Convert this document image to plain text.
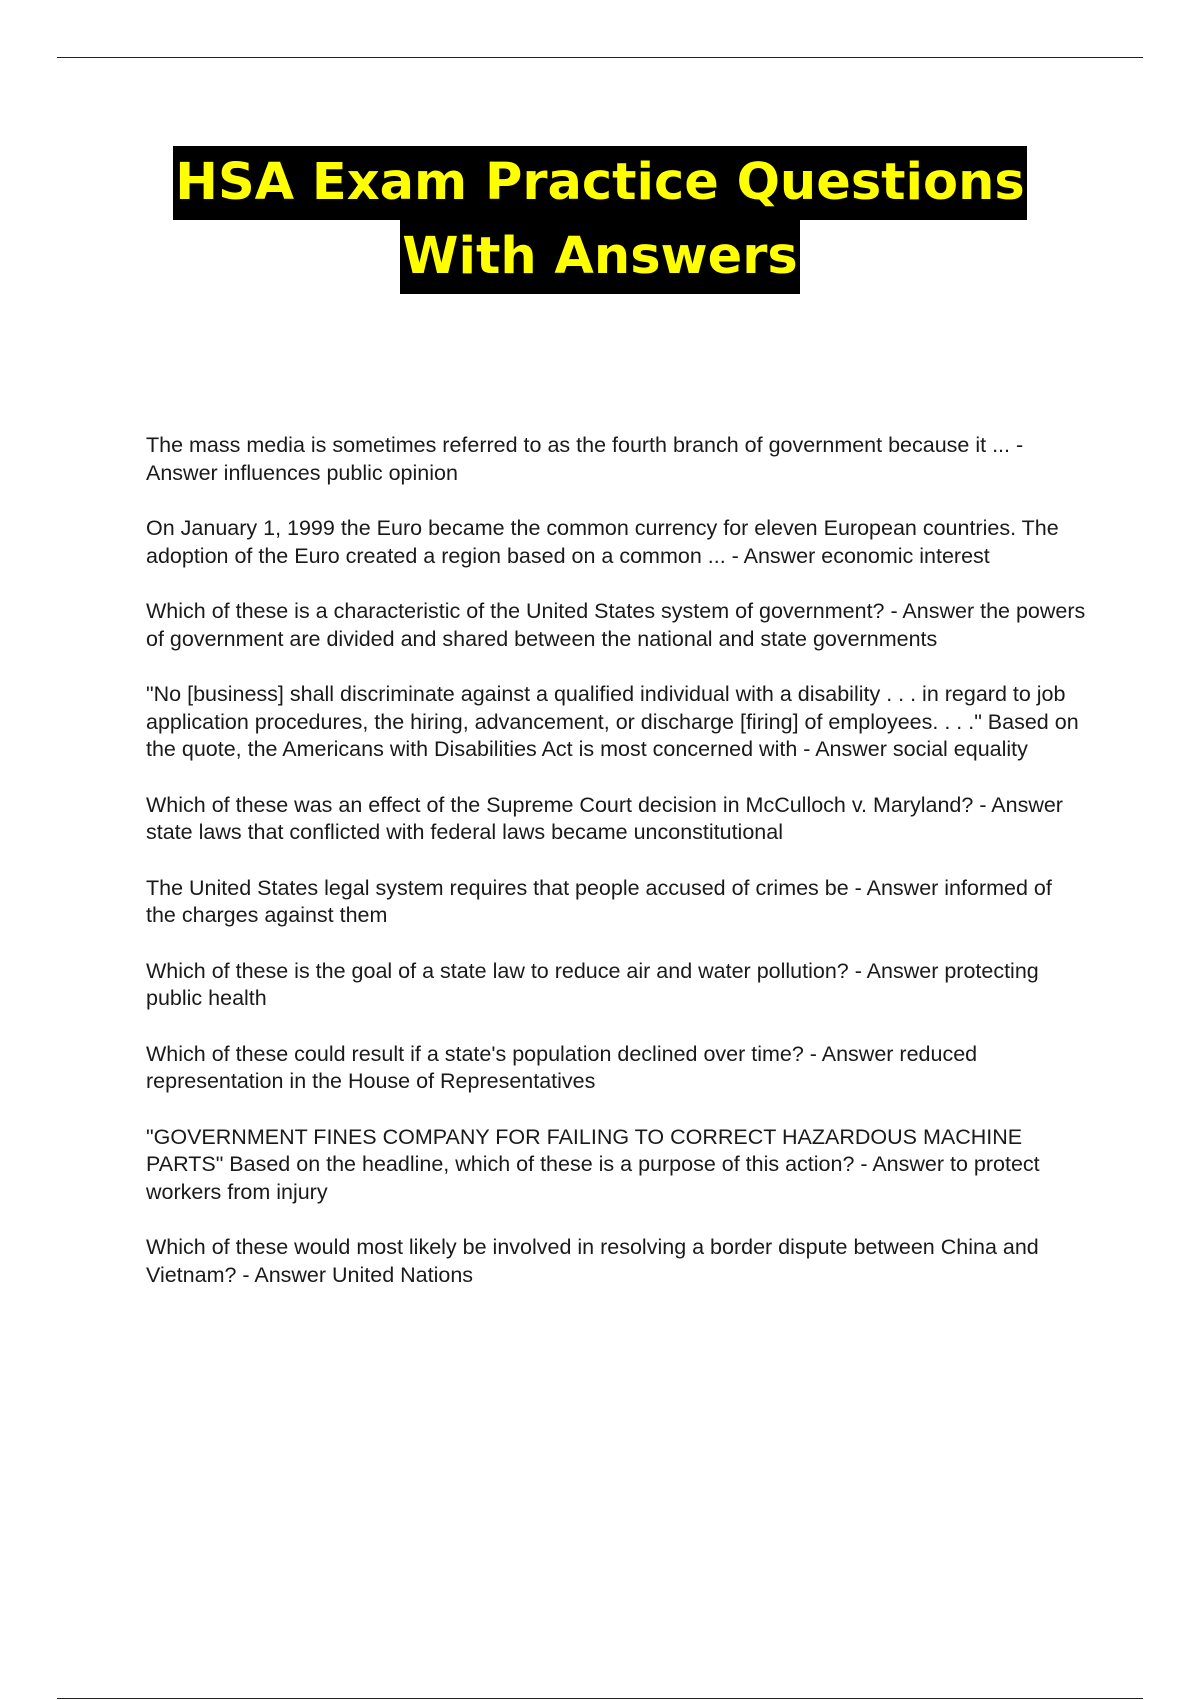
HSA Exam Practice Questions
With Answers
The mass media is sometimes referred to as the fourth branch of government because it ... - Answer influences public opinion
On January 1, 1999 the Euro became the common currency for eleven European countries. The adoption of the Euro created a region based on a common ... - Answer economic interest
Which of these is a characteristic of the United States system of government? - Answer the powers of government are divided and shared between the national and state governments
"No [business] shall discriminate against a qualified individual with a disability . . . in regard to job application procedures, the hiring, advancement, or discharge [firing] of employees. . . ." Based on the quote, the Americans with Disabilities Act is most concerned with - Answer social equality
Which of these was an effect of the Supreme Court decision in McCulloch v. Maryland? - Answer state laws that conflicted with federal laws became unconstitutional
The United States legal system requires that people accused of crimes be - Answer informed of the charges against them
Which of these is the goal of a state law to reduce air and water pollution? - Answer protecting public health
Which of these could result if a state's population declined over time? - Answer reduced representation in the House of Representatives
"GOVERNMENT FINES COMPANY FOR FAILING TO CORRECT HAZARDOUS MACHINE PARTS" Based on the headline, which of these is a purpose of this action? - Answer to protect workers from injury
Which of these would most likely be involved in resolving a border dispute between China and Vietnam? - Answer United Nations
